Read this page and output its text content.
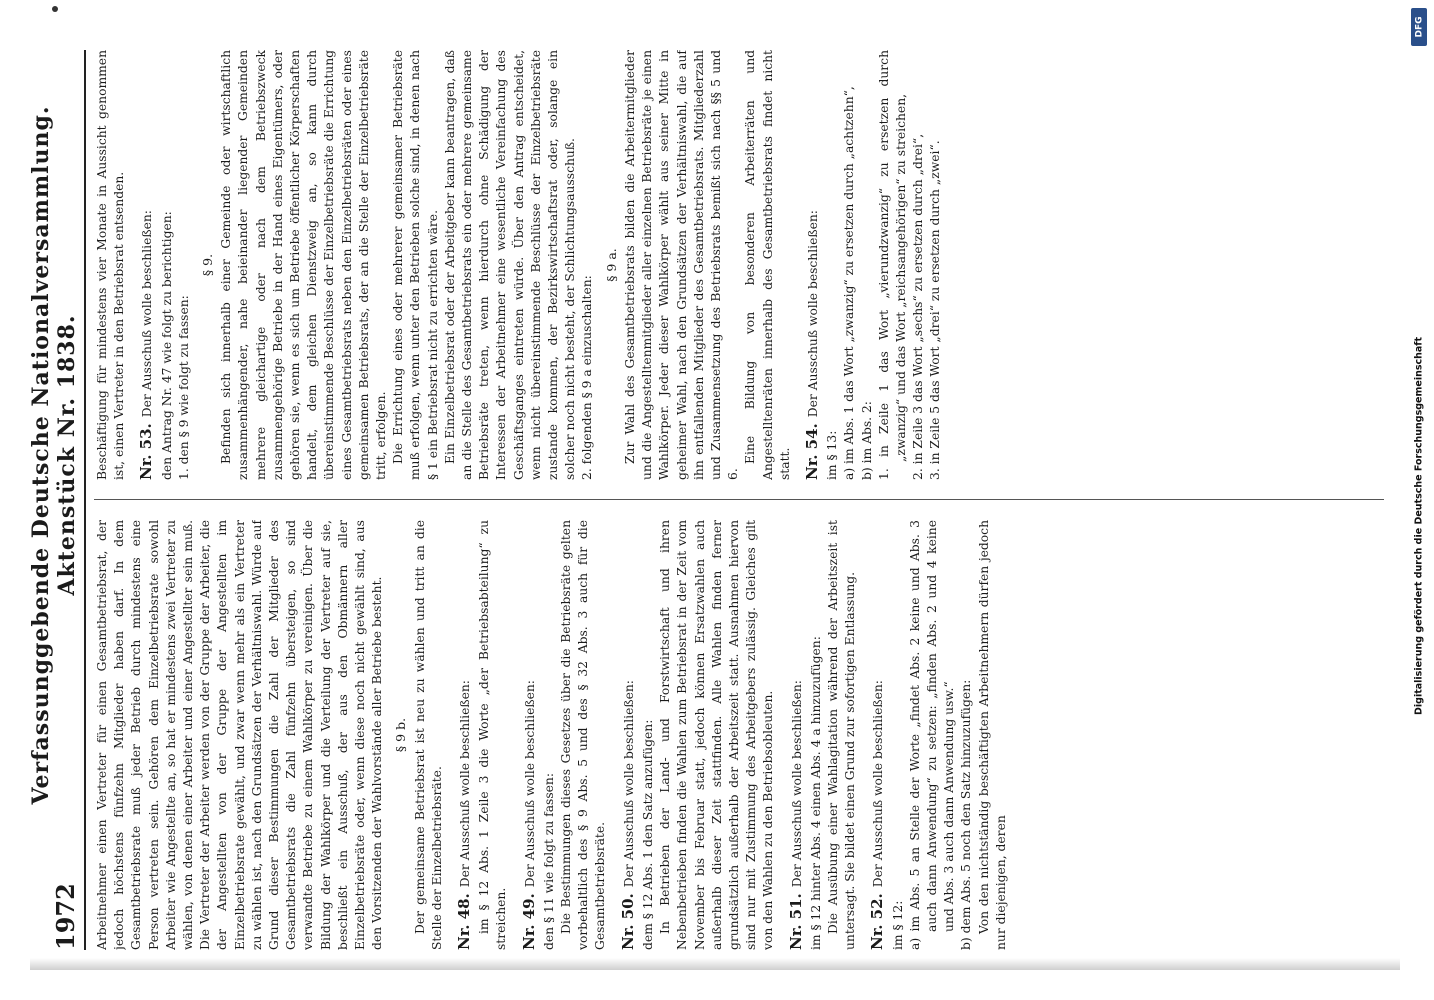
1972
Verfassunggebende Deutsche Nationalversammlung. Aktenstück Nr. 1838.
Arbeitnehmer einen Vertreter für einen Gesamtbetriebsrat, der jedoch höchstens fünfzehn Mitglieder haben darf. In dem Gesamtbetriebsrate muß jeder Betrieb durch mindestens eine Person vertreten sein. Gehören dem Einzelbetriebsrate sowohl Arbeiter wie Angestellte an, so hat er mindestens zwei Vertreter zu wählen, von denen einer Arbeiter und einer Angestellter sein muß. Die Vertreter der Arbeiter werden von der Gruppe der Arbeiter, die der Angestellten von der Gruppe der Angestellten im Einzelbetriebsrate gewählt, und zwar wenn mehr als ein Vertreter zu wählen ist, nach den Grundsätzen der Verhältniswahl. Würde auf Grund dieser Bestimmungen die Zahl der Mitglieder des Gesamtbetriebsrats die Zahl fünfzehn übersteigen, so sind verwandte Betriebe zu einem Wahlkörper zu vereinigen. Über die Bildung der Wahlkörper und die Verteilung der Vertreter auf sie, beschließt ein Ausschuß, der aus den Obmännern aller Einzelbetriebsräte oder, wenn diese noch nicht gewählt sind, aus den Vorsitzenden der Wahlvorstände aller Betriebe besteht. § 9 b. Der gemeinsame Betriebsrat ist neu zu wählen und tritt an die Stelle der Einzelbetriebsräte. Nr. 48.Der Ausschuß wolle beschließen: im § 12 Abs. 1 Zeile 3 die Worte „der Betriebsabteilung“ zu streichen. Nr. 49.Der Ausschuß wolle beschließen: den § 11 wie folgt zu fassen: Die Bestimmungen dieses Gesetzes über die Betriebsräte gelten vorbehaltlich des § 9 Abs. 5 und des § 32 Abs. 3 auch für die Gesamtbetriebsräte. Nr. 50.Der Ausschuß wolle beschließen: dem § 12 Abs. 1 den Satz anzufügen: In Betrieben der Land- und Forstwirtschaft und ihren Nebenbetrieben finden die Wahlen zum Betriebsrat in der Zeit vom November bis Februar statt, jedoch können Ersatzwahlen auch außerhalb dieser Zeit stattfinden. Alle Wahlen finden ferner grundsätzlich außerhalb der Arbeitszeit statt. Ausnahmen hiervon sind nur mit Zustimmung des Arbeitgebers zulässig. Gleiches gilt von den Wahlen zu den Betriebsobleuten. Nr. 51.Der Ausschuß wolle beschließen: im § 12 hinter Abs. 4 einen Abs. 4 a hinzuzufügen: Die Ausübung einer Wahlagitation während der Arbeitszeit ist untersagt. Sie bildet einen Grund zur sofortigen Entlassung. Nr. 52.Der Ausschuß wolle beschließen:
im § 12: a) im Abs. 5 an Stelle der Worte „findet Abs. 2 keine und Abs. 3 auch dann Anwendung“ zu setzen: „finden Abs. 2 und 4 keine und Abs. 3 auch dann Anwendung usw.“ b) dem Abs. 5 noch den Satz hinzuzufügen: Von den nichtständig beschäftigten Arbeitnehmern dürfen jedoch nur diejenigen, deren
Beschäftigung für mindestens vier Monate in Aussicht genommen ist, einen Vertreter in den Betriebsrat entsenden. Nr. 53.Der Ausschuß wolle beschließen: den Antrag Nr. 47 wie folgt zu berichtigen: 1. den § 9 wie folgt zu fassen:
§ 9. Befinden sich innerhalb einer Gemeinde oder wirtschaftlich zusammenhängender, nahe beieinander liegender Gemeinden mehrere gleichartige oder nach dem Betriebszweck zusammengehörige Betriebe in der Hand eines Eigentümers, oder gehören sie, wenn es sich um Betriebe öffentlicher Körperschaften handelt, dem gleichen Dienstzweig an, so kann durch übereinstimmende Beschlüsse der Einzelbetriebsräte die Errichtung eines Gesamtbetriebsrats neben den Einzelbetriebsräten oder eines gemeinsamen Betriebsrats, der an die Stelle der Einzelbetriebsräte tritt, erfolgen. Die Errichtung eines oder mehrerer gemeinsamer Betriebsräte muß erfolgen, wenn unter den Betrieben solche sind, in denen nach § 1 ein Betriebsrat nicht zu errichten wäre. Ein Einzelbetriebsrat oder der Arbeitgeber kann beantragen, daß an die Stelle des Gesamtbetriebsrats ein oder mehrere gemeinsame Betriebsräte treten, wenn hierdurch ohne Schädigung der Interessen der Arbeitnehmer eine wesentliche Vereinfachung des Geschäftsganges eintreten würde. Über den Antrag entscheidet, wenn nicht übereinstimmende Beschlüsse der Einzelbetriebsräte zustande kommen, der Bezirkswirtschaftsrat oder, solange ein solcher noch nicht besteht, der Schlichtungsausschuß. 2. folgenden § 9 a einzuschalten:
§ 9 a. Zur Wahl des Gesamtbetriebsrats bilden die Arbeitermitglieder und die Angestelltenmitglieder aller einzelnen Betriebsräte je einen Wahlkörper. Jeder dieser Wahlkörper wählt aus seiner Mitte in geheimer Wahl, nach den Grundsätzen der Verhältniswahl, die auf ihn entfallenden Mitglieder des Gesamtbetriebsrats. Mitgliederzahl und Zusammensetzung des Betriebsrats bemißt sich nach §§ 5 und 6.
Eine Bildung von besonderen Arbeiterräten und Angestelltenräten innerhalb des Gesamtbetriebsrats findet nicht statt. Nr. 54.Der Ausschuß wolle beschließen:
im § 13: a) im Abs. 1 das Wort „zwanzig“ zu ersetzen durch „achtzehn“, b) im Abs. 2: 1. in Zeile 1 das Wort „vierundzwanzig“ zu ersetzen durch „zwanzig“ und das Wort „reichsangehörigen“ zu streichen, 2. in Zeile 3 das Wort „sechs“ zu ersetzen durch „drei“, 3. in Zeile 5 das Wort „drei“ zu ersetzen durch „zwei“.
DFG
Digitalisierung gefördert durch die Deutsche Forschungsgemeinschaft
